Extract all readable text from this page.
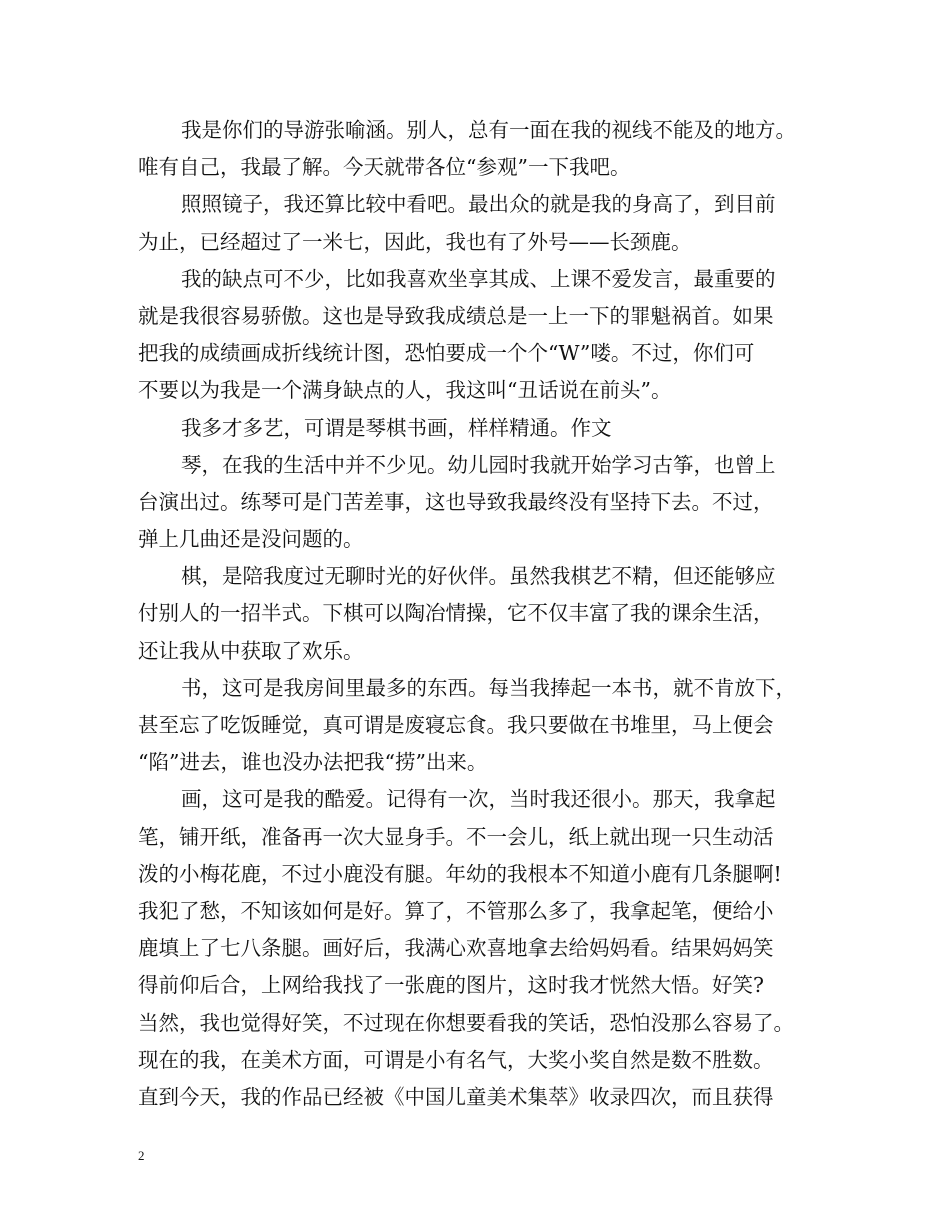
我是你们的导游张喻涵。别人，总有一面在我的视线不能及的地方。
唯有自己，我最了解。今天就带各位“参观”一下我吧。
照照镜子，我还算比较中看吧。最出众的就是我的身高了，到目前
为止，已经超过了一米七，因此，我也有了外号——长颈鹿。
我的缺点可不少，比如我喜欢坐享其成、上课不爱发言，最重要的
就是我很容易骄傲。这也是导致我成绩总是一上一下的罪魁祸首。如果
把我的成绩画成折线统计图，恐怕要成一个个“W”喽。不过，你们可
不要以为我是一个满身缺点的人，我这叫“丑话说在前头”。
我多才多艺，可谓是琴棋书画，样样精通。作文
琴，在我的生活中并不少见。幼儿园时我就开始学习古筝，也曾上
台演出过。练琴可是门苦差事，这也导致我最终没有坚持下去。不过，
弹上几曲还是没问题的。
棋，是陪我度过无聊时光的好伙伴。虽然我棋艺不精，但还能够应
付别人的一招半式。下棋可以陶冶情操，它不仅丰富了我的课余生活，
还让我从中获取了欢乐。
书，这可是我房间里最多的东西。每当我捧起一本书，就不肯放下，
甚至忘了吃饭睡觉，真可谓是废寝忘食。我只要做在书堆里，马上便会
“陷”进去，谁也没办法把我“捞”出来。
画，这可是我的酷爱。记得有一次，当时我还很小。那天，我拿起
笔，铺开纸，准备再一次大显身手。不一会儿，纸上就出现一只生动活
泼的小梅花鹿，不过小鹿没有腿。年幼的我根本不知道小鹿有几条腿啊!
我犯了愁，不知该如何是好。算了，不管那么多了，我拿起笔，便给小
鹿填上了七八条腿。画好后，我满心欢喜地拿去给妈妈看。结果妈妈笑
得前仰后合，上网给我找了一张鹿的图片，这时我才恍然大悟。好笑?
当然，我也觉得好笑，不过现在你想要看我的笑话，恐怕没那么容易了。
现在的我，在美术方面，可谓是小有名气，大奖小奖自然是数不胜数。
直到今天，我的作品已经被《中国儿童美术集萃》收录四次，而且获得
2
